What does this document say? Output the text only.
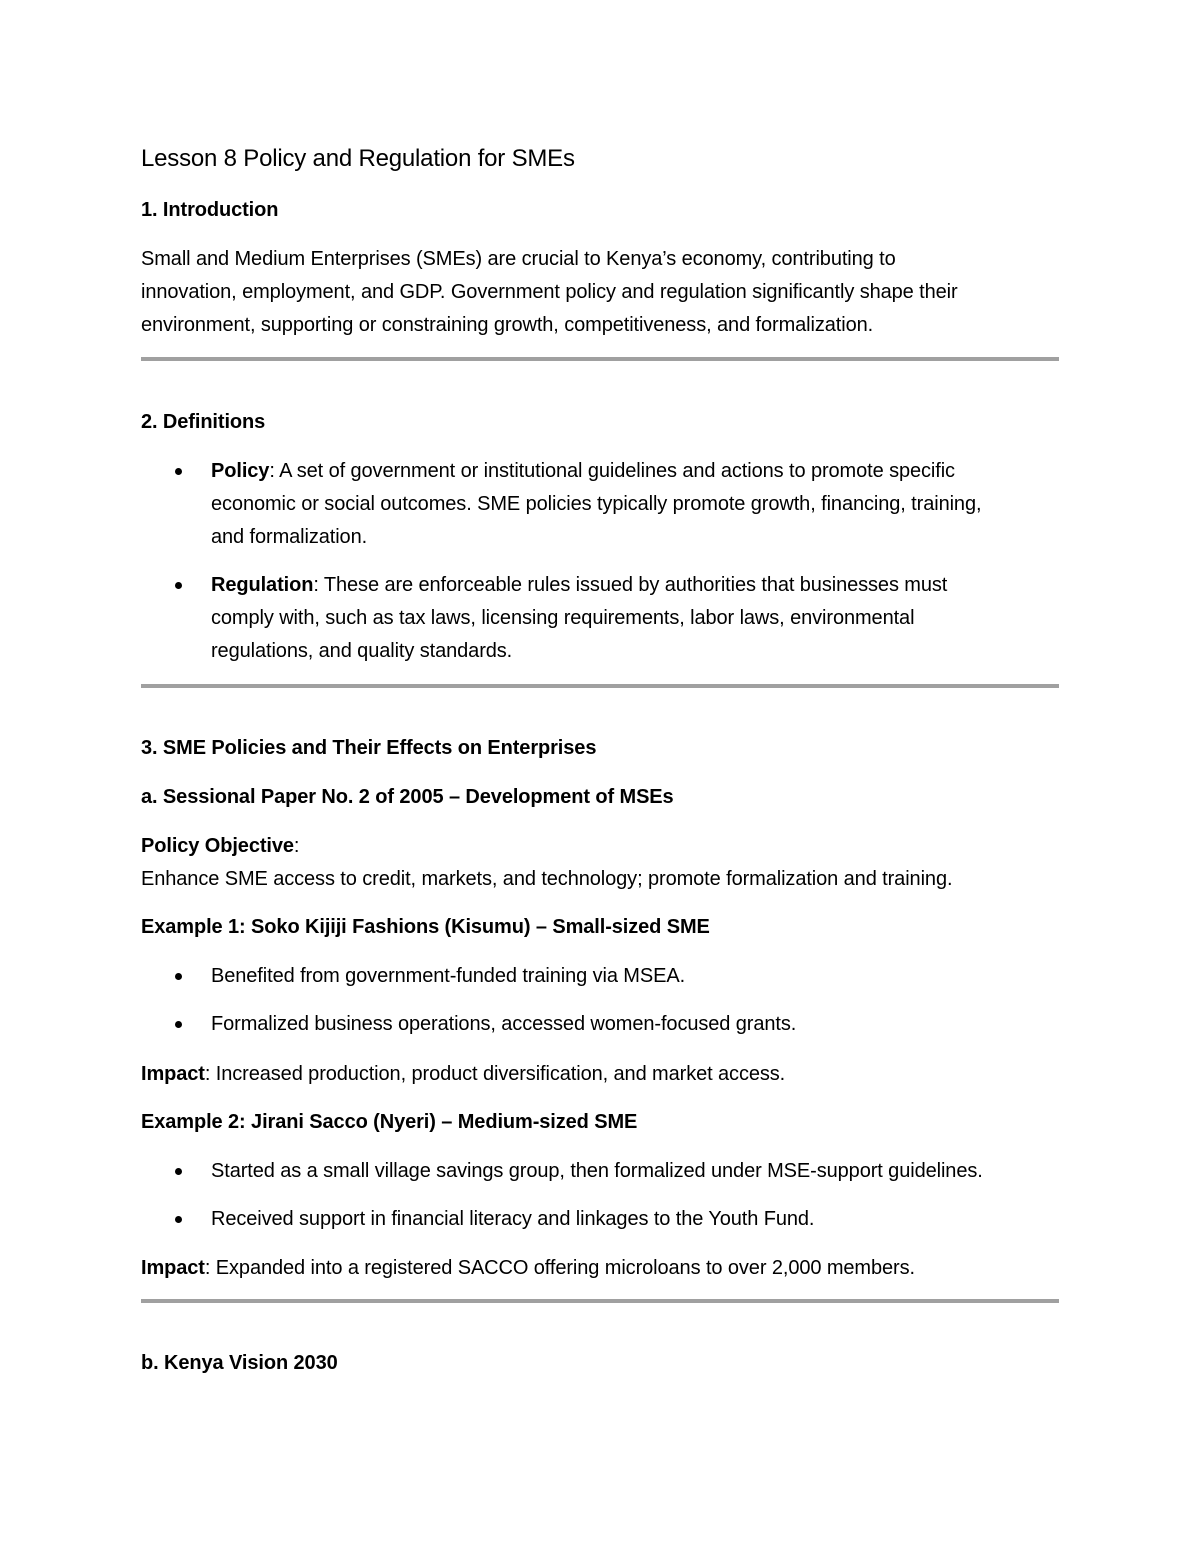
Lesson 8 Policy and Regulation for SMEs
1. Introduction
Small and Medium Enterprises (SMEs) are crucial to Kenya’s economy, contributing to
innovation, employment, and GDP. Government policy and regulation significantly shape their
environment, supporting or constraining growth, competitiveness, and formalization.
2. Definitions
Policy: A set of government or institutional guidelines and actions to promote specific
economic or social outcomes. SME policies typically promote growth, financing, training,
and formalization.
Regulation: These are enforceable rules issued by authorities that businesses must
comply with, such as tax laws, licensing requirements, labor laws, environmental
regulations, and quality standards.
3. SME Policies and Their Effects on Enterprises
a. Sessional Paper No. 2 of 2005 – Development of MSEs
Policy Objective:
Enhance SME access to credit, markets, and technology; promote formalization and training.
Example 1: Soko Kijiji Fashions (Kisumu) – Small-sized SME
Benefited from government-funded training via MSEA.
Formalized business operations, accessed women-focused grants.
Impact: Increased production, product diversification, and market access.
Example 2: Jirani Sacco (Nyeri) – Medium-sized SME
Started as a small village savings group, then formalized under MSE-support guidelines.
Received support in financial literacy and linkages to the Youth Fund.
Impact: Expanded into a registered SACCO offering microloans to over 2,000 members.
b. Kenya Vision 2030
